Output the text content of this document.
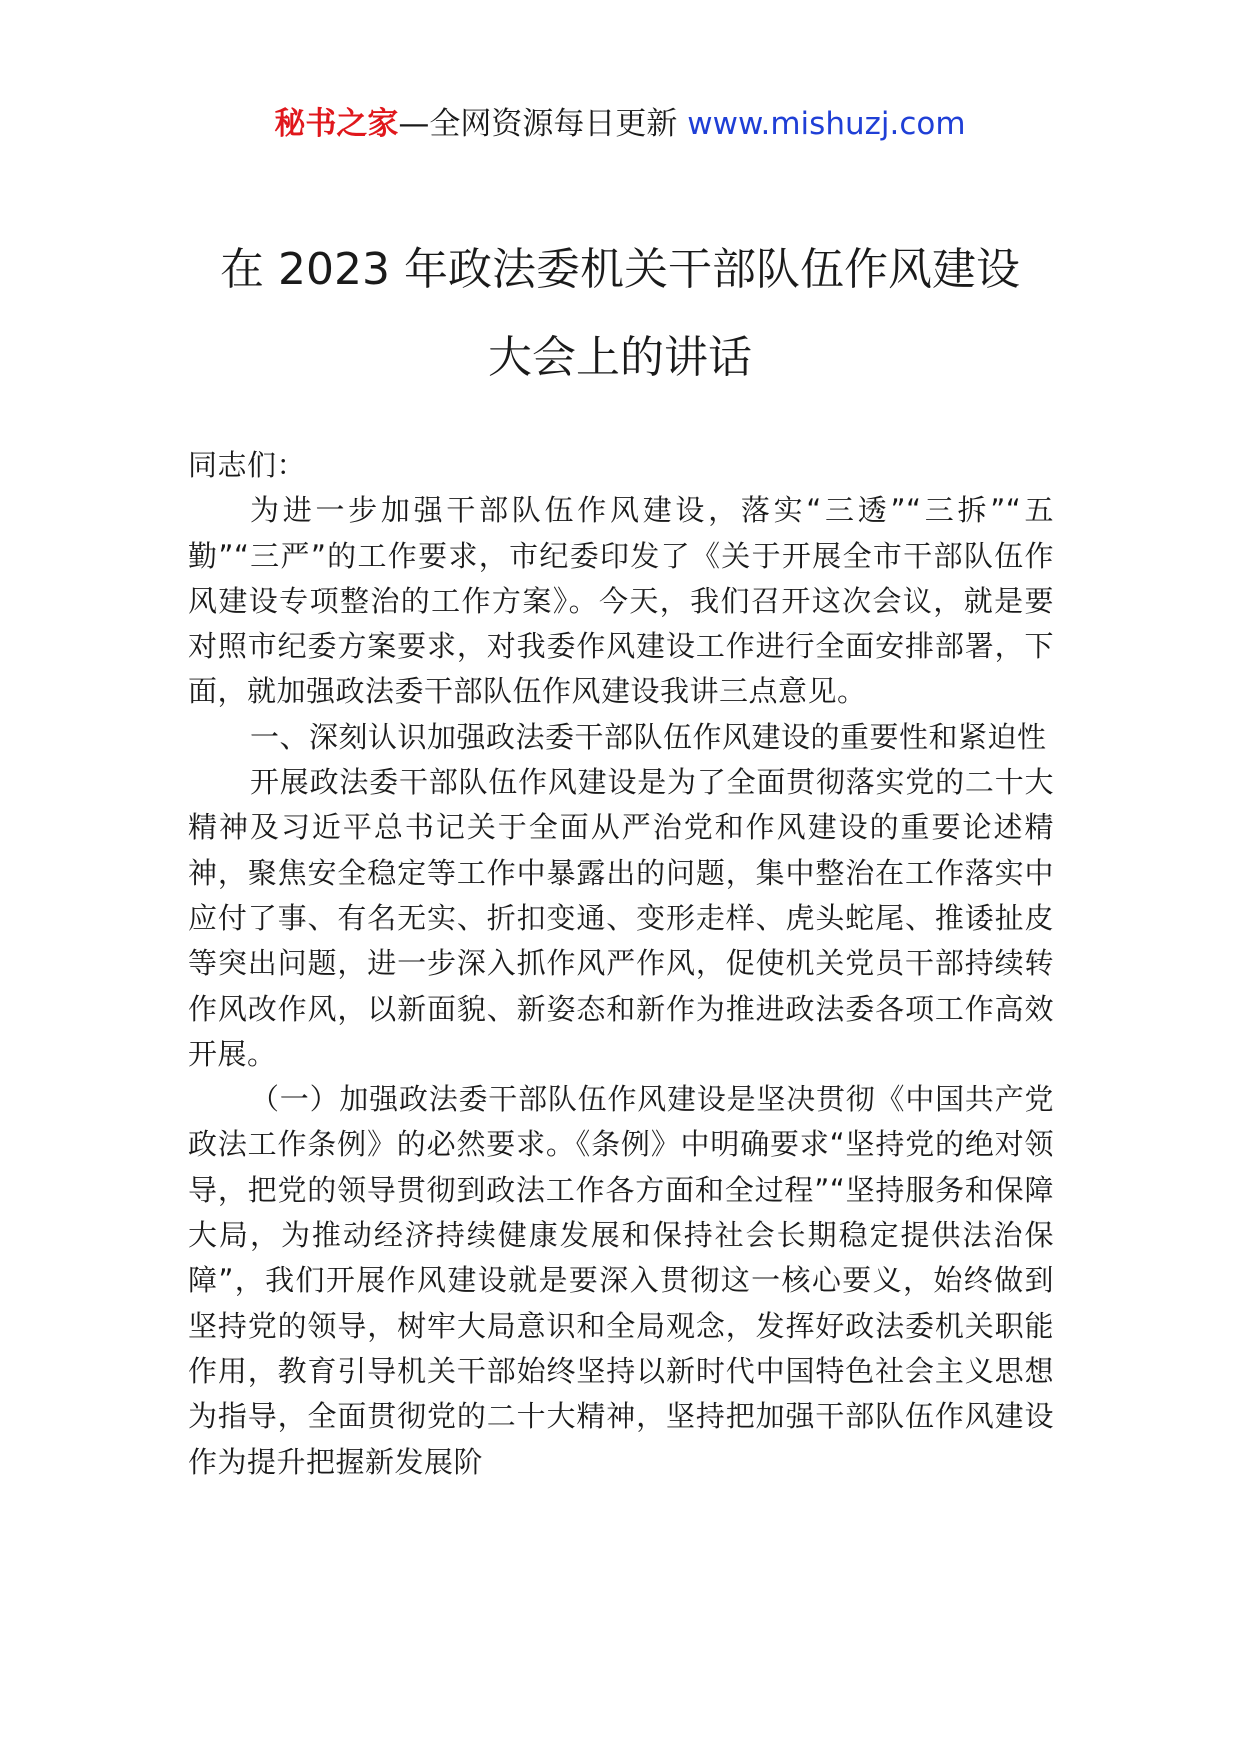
秘书之家—全网资源每日更新 www.mishuzj.com
在 2023 年政法委机关干部队伍作风建设
大会上的讲话

同志们：

为进一步加强干部队伍作风建设，落实“三透”“三拆”“五勤”“三严”的工作要求，市纪委印发了《关于开展全市干部队伍作风建设专项整治的工作方案》。今天，我们召开这次会议，就是要对照市纪委方案要求，对我委作风建设工作进行全面安排部署，下面，就加强政法委干部队伍作风建设我讲三点意见。

一、深刻认识加强政法委干部队伍作风建设的重要性和紧迫性

开展政法委干部队伍作风建设是为了全面贯彻落实党的二十大精神及习近平总书记关于全面从严治党和作风建设的重要论述精神，聚焦安全稳定等工作中暴露出的问题，集中整治在工作落实中应付了事、有名无实、折扣变通、变形走样、虎头蛇尾、推诿扯皮等突出问题，进一步深入抓作风严作风，促使机关党员干部持续转作风改作风，以新面貌、新姿态和新作为推进政法委各项工作高效开展。

（一）加强政法委干部队伍作风建设是坚决贯彻《中国共产党政法工作条例》的必然要求。《条例》中明确要求“坚持党的绝对领导，把党的领导贯彻到政法工作各方面和全过程”“坚持服务和保障大局，为推动经济持续健康发展和保持社会长期稳定提供法治保障”，我们开展作风建设就是要深入贯彻这一核心要义，始终做到坚持党的领导，树牢大局意识和全局观念，发挥好政法委机关职能作用，教育引导机关干部始终坚持以新时代中国特色社会主义思想为指导，全面贯彻党的二十大精神，坚持把加强干部队伍作风建设作为提升把握新发展阶
